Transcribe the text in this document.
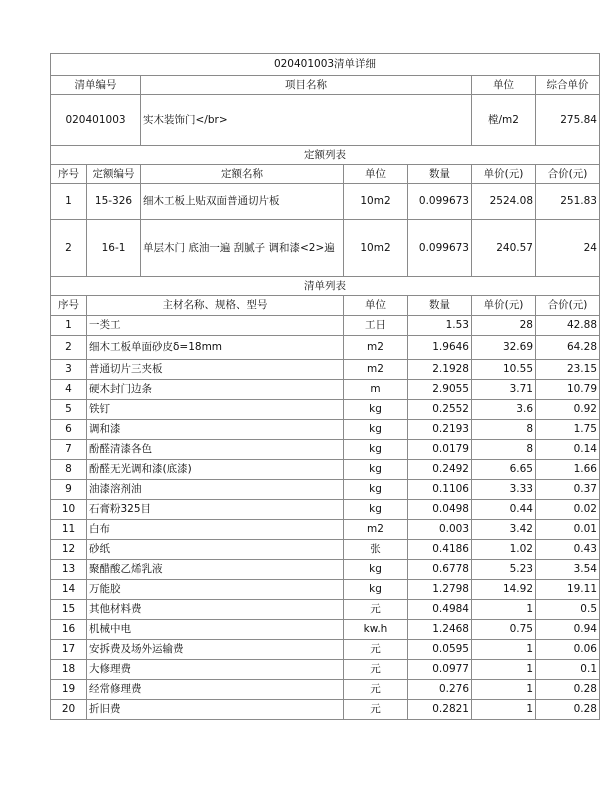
020401003清单详细						
清单编号		项目名称			单位	综合单价
020401003		实木装饰门</br>			樘/m2	275.84
定额列表						
序号	定额编号	定额名称	单位	数量	单价(元)	合价(元)
1	15-326	细木工板上贴双面普通切片板	10m2	0.099673	2524.08	251.83
2	16-1	单层木门 底油一遍 刮腻子 调和漆<2>遍	10m2	0.099673	240.57	24
清单列表						
序号	主材名称、规格、型号		单位	数量	单价(元)	合价(元)
1	一类工		工日	1.53	28	42.88
2	细木工板单面砂皮δ=18mm		m2	1.9646	32.69	64.28
3	普通切片三夹板		m2	2.1928	10.55	23.15
4	硬木封门边条		m	2.9055	3.71	10.79
5	铁钉		kg	0.2552	3.6	0.92
6	调和漆		kg	0.2193	8	1.75
7	酚醛清漆各色		kg	0.0179	8	0.14
8	酚醛无光调和漆(底漆)		kg	0.2492	6.65	1.66
9	油漆溶剂油		kg	0.1106	3.33	0.37
10	石膏粉325目		kg	0.0498	0.44	0.02
11	白布		m2	0.003	3.42	0.01
12	砂纸		张	0.4186	1.02	0.43
13	聚醋酸乙烯乳液		kg	0.6778	5.23	3.54
14	万能胶		kg	1.2798	14.92	19.11
15	其他材料费		元	0.4984	1	0.5
16	机械中电		kw.h	1.2468	0.75	0.94
17	安拆费及场外运输费		元	0.0595	1	0.06
18	大修理费		元	0.0977	1	0.1
19	经常修理费		元	0.276	1	0.28
20	折旧费		元	0.2821	1	0.28
